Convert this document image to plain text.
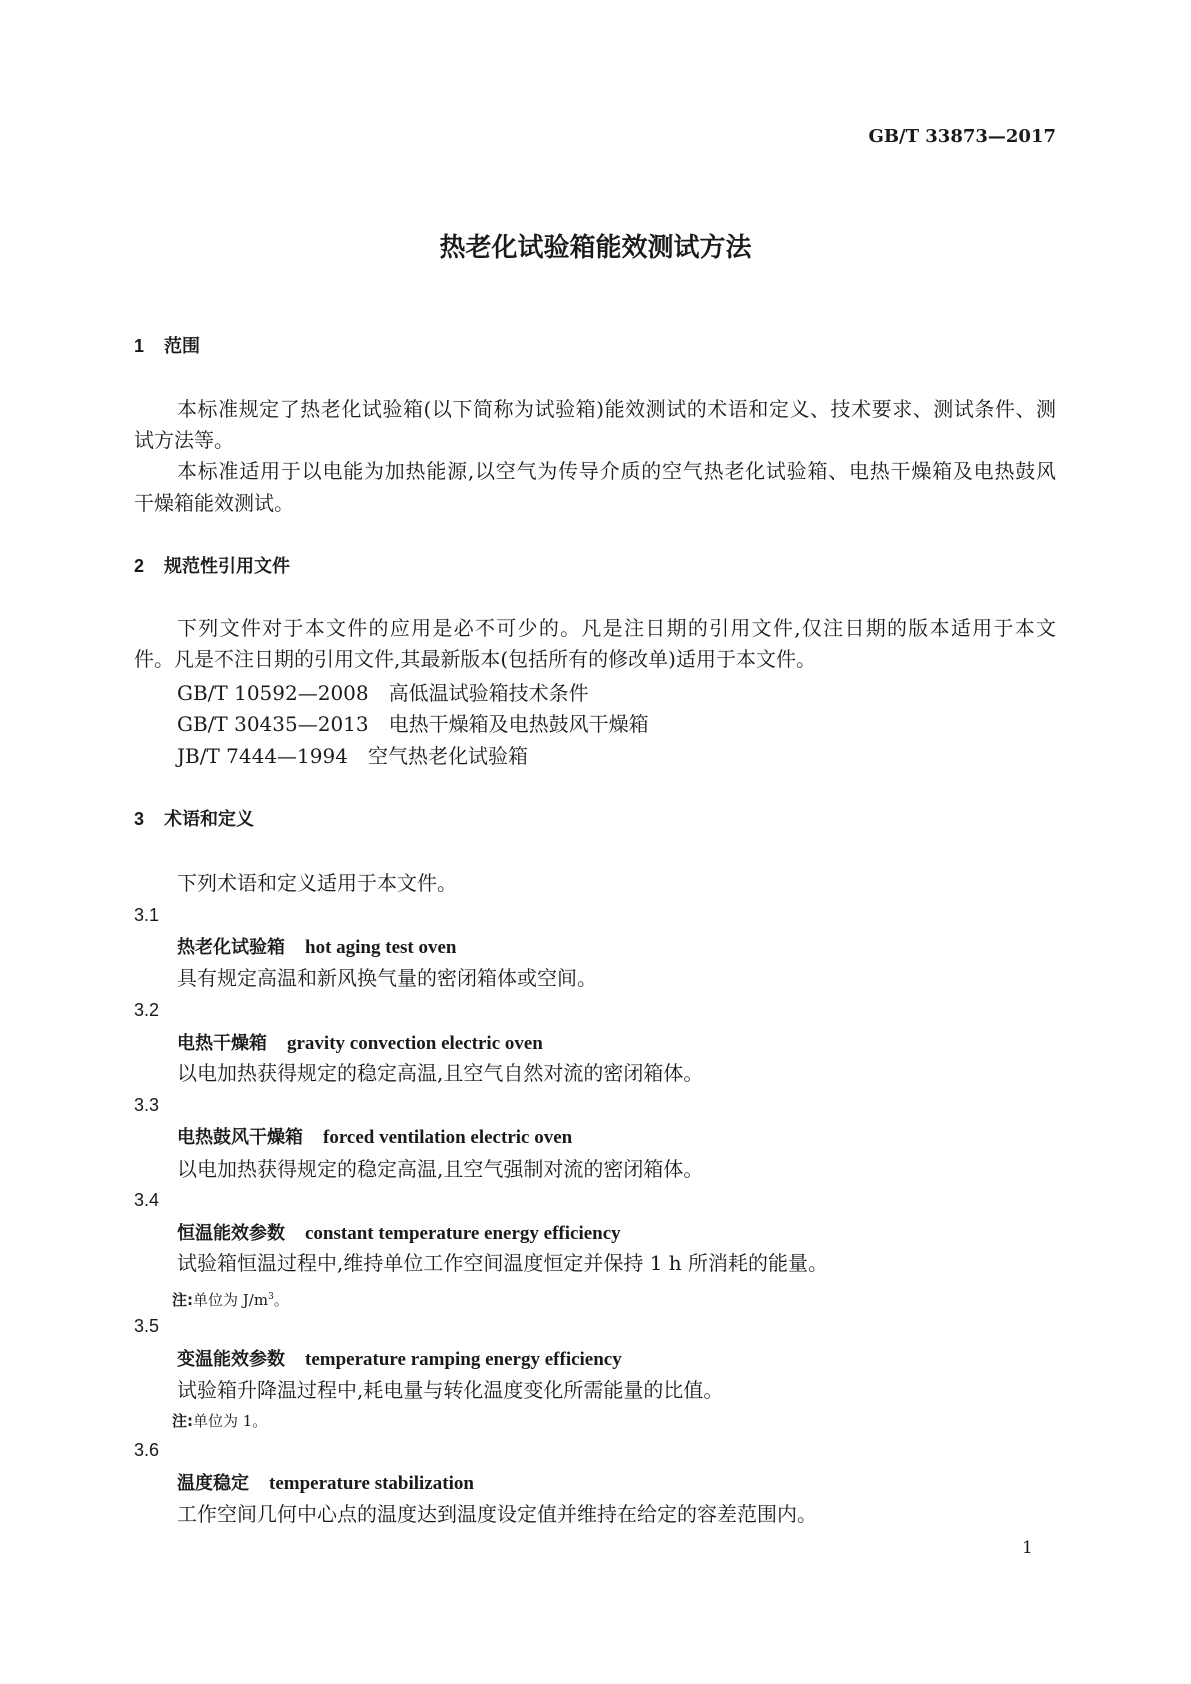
GB/T 33873—2017
热老化试验箱能效测试方法
1 范围
本标准规定了热老化试验箱(以下简称为试验箱)能效测试的术语和定义、技术要求、测试条件、测
试方法等。
本标准适用于以电能为加热能源,以空气为传导介质的空气热老化试验箱、电热干燥箱及电热鼓风
干燥箱能效测试。
2 规范性引用文件
下列文件对于本文件的应用是必不可少的。凡是注日期的引用文件,仅注日期的版本适用于本文
件。凡是不注日期的引用文件,其最新版本(包括所有的修改单)适用于本文件。
GB/T 10592—2008 高低温试验箱技术条件
GB/T 30435—2013 电热干燥箱及电热鼓风干燥箱
JB/T 7444—1994 空气热老化试验箱
3 术语和定义
下列术语和定义适用于本文件。
3.1
热老化试验箱 hot aging test oven
具有规定高温和新风换气量的密闭箱体或空间。
3.2
电热干燥箱 gravity convection electric oven
以电加热获得规定的稳定高温,且空气自然对流的密闭箱体。
3.3
电热鼓风干燥箱 forced ventilation electric oven
以电加热获得规定的稳定高温,且空气强制对流的密闭箱体。
3.4
恒温能效参数 constant temperature energy efficiency
试验箱恒温过程中,维持单位工作空间温度恒定并保持 1 h 所消耗的能量。
注:单位为 $J/m^3$。
3.5
变温能效参数 temperature ramping energy efficiency
试验箱升降温过程中,耗电量与转化温度变化所需能量的比值。
注:单位为 1。
3.6
温度稳定 temperature stabilization
工作空间几何中心点的温度达到温度设定值并维持在给定的容差范围内。
1
